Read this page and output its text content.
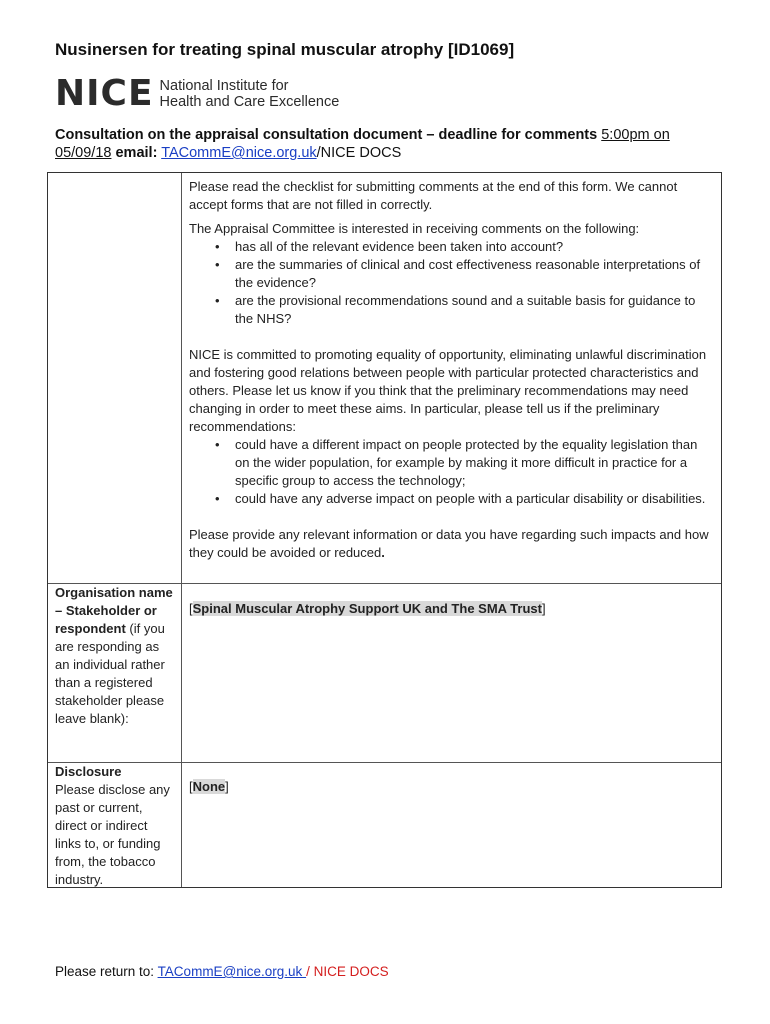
Nusinersen for treating spinal muscular atrophy [ID1069]
NICE National Institute for
Health and Care Excellence
Consultation on the appraisal consultation document – deadline for comments 5:00pm on 05/09/18 email: TACommE@nice.org.uk/NICE DOCS

Please read the checklist for submitting comments at the end of this form. We cannot accept forms that are not filled in correctly.

The Appraisal Committee is interested in receiving comments on the following:

• has all of the relevant evidence been taken into account?
• are the summaries of clinical and cost effectiveness reasonable interpretations of the evidence?
• are the provisional recommendations sound and a suitable basis for guidance to the NHS?

NICE is committed to promoting equality of opportunity, eliminating unlawful discrimination and fostering good relations between people with particular protected characteristics and others. Please let us know if you think that the preliminary recommendations may need changing in order to meet these aims. In particular, please tell us if the preliminary recommendations:

• could have a different impact on people protected by the equality legislation than on the wider population, for example by making it more difficult in practice for a specific group to access the technology;
• could have any adverse impact on people with a particular disability or disabilities.

Please provide any relevant information or data you have regarding such impacts and how they could be avoided or reduced.

Organisation name – Stakeholder or respondent (if you are responding as an individual rather than a registered stakeholder please leave blank):
[Spinal Muscular Atrophy Support UK and The SMA Trust]
Disclosure
Please disclose any past or current, direct or indirect links to, or funding from, the tobacco industry.
[None]
Please return to: TACommE@nice.org.uk / NICE DOCS
